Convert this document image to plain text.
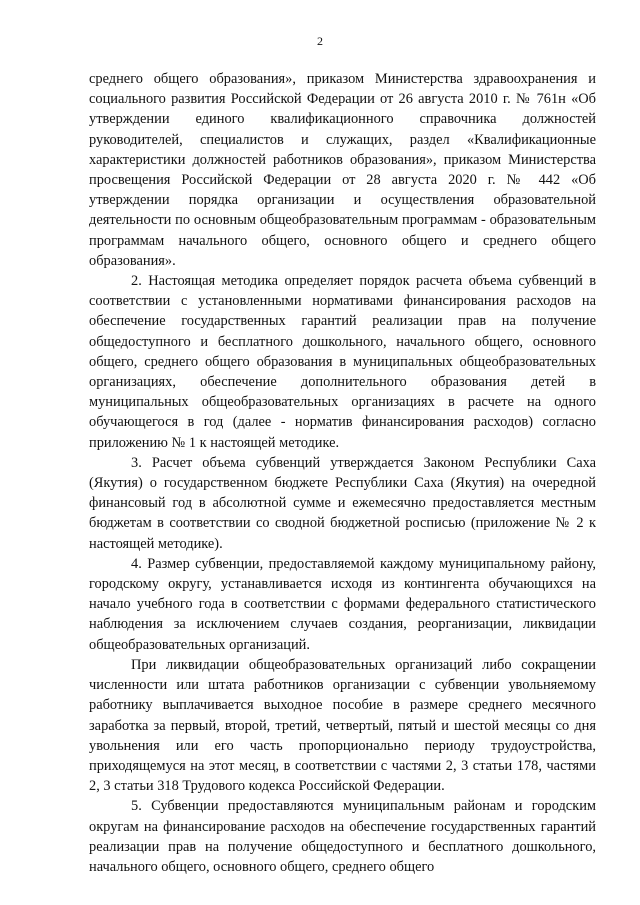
2

среднего общего образования», приказом Министерства здравоохранения и социального развития Российской Федерации от 26 августа 2010 г. № 761н «Об утверждении единого квалификационного справочника должностей руководителей, специалистов и служащих, раздел «Квалификационные характеристики должностей работников образования», приказом Министерства просвещения Российской Федерации от 28 августа 2020 г. № 442 «Об утверждении порядка организации и осуществления образовательной деятельности по основным общеобразовательным программам - образовательным программам начального общего, основного общего и среднего общего образования».

2. Настоящая методика определяет порядок расчета объема субвенций в соответствии с установленными нормативами финансирования расходов на обеспечение государственных гарантий реализации прав на получение общедоступного и бесплатного дошкольного, начального общего, основного общего, среднего общего образования в муниципальных общеобразовательных организациях, обеспечение дополнительного образования детей в муниципальных общеобразовательных организациях в расчете на одного обучающегося в год (далее - норматив финансирования расходов) согласно приложению № 1 к настоящей методике.

3. Расчет объема субвенций утверждается Законом Республики Саха (Якутия) о государственном бюджете Республики Саха (Якутия) на очередной финансовый год в абсолютной сумме и ежемесячно предоставляется местным бюджетам в соответствии со сводной бюджетной росписью (приложение № 2 к настоящей методике).

4. Размер субвенции, предоставляемой каждому муниципальному району, городскому округу, устанавливается исходя из контингента обучающихся на начало учебного года в соответствии с формами федерального статистического наблюдения за исключением случаев создания, реорганизации, ликвидации общеобразовательных организаций.

При ликвидации общеобразовательных организаций либо сокращении численности или штата работников организации с субвенции увольняемому работнику выплачивается выходное пособие в размере среднего месячного заработка за первый, второй, третий, четвертый, пятый и шестой месяцы со дня увольнения или его часть пропорционально периоду трудоустройства, приходящемуся на этот месяц, в соответствии с частями 2, 3 статьи 178, частями 2, 3 статьи 318 Трудового кодекса Российской Федерации.

5. Субвенции предоставляются муниципальным районам и городским округам на финансирование расходов на обеспечение государственных гарантий реализации прав на получение общедоступного и бесплатного дошкольного, начального общего, основного общего, среднего общего
